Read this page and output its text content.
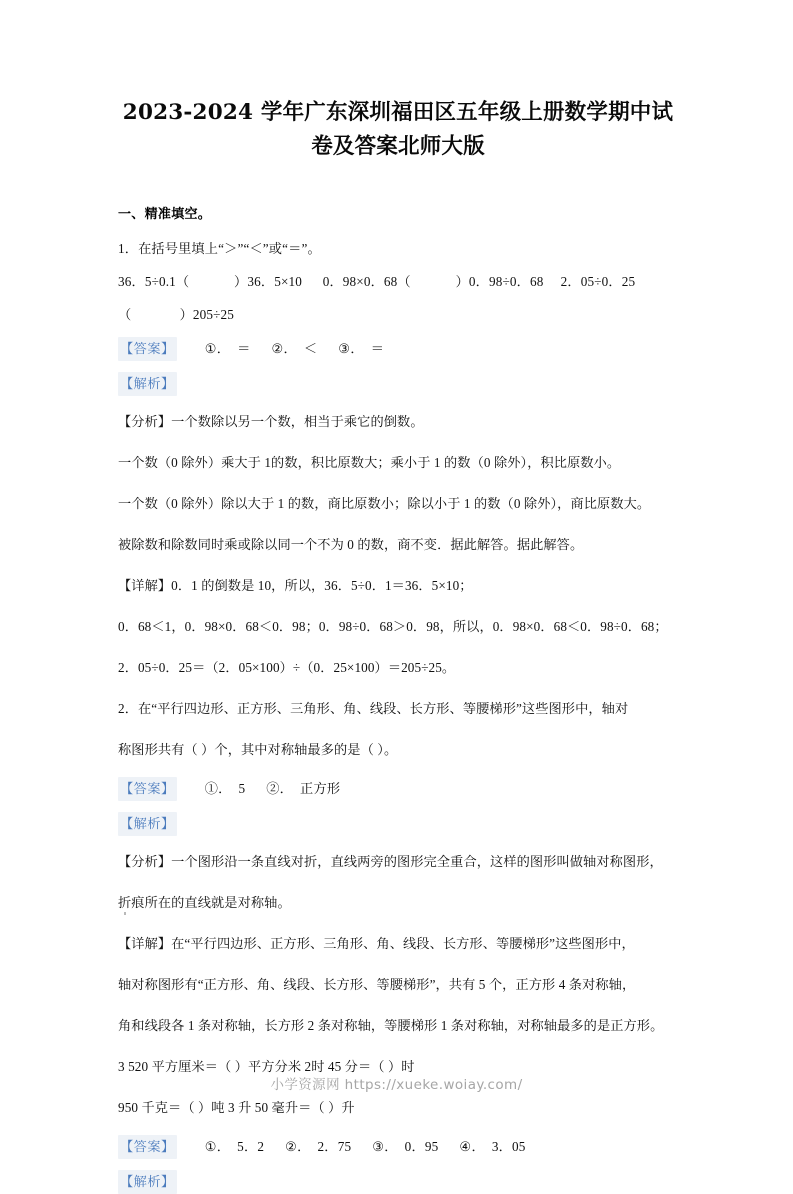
2023-2024 学年广东深圳福田区五年级上册数学期中试卷及答案北师大版
一、精准填空。
1．在括号里填上“＞”“＜”或“＝”。
36．5÷0.1（             ）36．5×10      0．98×0．68（             ）0．98÷0．68     2．05÷0．25
（              ）205÷25
【答案】 ①．  ＝      ②．  ＜      ③．  ＝
【解析】
【分析】一个数除以另一个数，相当于乘它的倒数。
一个数（0 除外）乘大于 1的数，积比原数大；乘小于 1 的数（0 除外），积比原数小。
一个数（0 除外）除以大于 1 的数，商比原数小；除以小于 1 的数（0 除外），商比原数大。
被除数和除数同时乘或除以同一个不为 0 的数，商不变．据此解答。据此解答。
【详解】0．1 的倒数是 10，所以，36．5÷0．1＝36．5×10；
0．68＜1，0．98×0．68＜0．98；0．98÷0．68＞0．98，所以，0．98×0．68＜0．98÷0．68；
2．05÷0．25＝（2．05×100）÷（0．25×100）＝205÷25。
2．在“平行四边形、正方形、三角形、角、线段、长方形、等腰梯形”这些图形中，轴对
称图形共有（ ）个，其中对称轴最多的是（ ）。
【答案】 ①．  5      ②．  正方形
【解析】
【分析】一个图形沿一条直线对折，直线两旁的图形完全重合，这样的图形叫做轴对称图形，
折痕所在的直线就是对称轴。
【详解】在“平行四边形、正方形、三角形、角、线段、长方形、等腰梯形”这些图形中，
轴对称图形有“正方形、角、线段、长方形、等腰梯形”，共有 5 个，正方形 4 条对称轴，
角和线段各 1 条对称轴，长方形 2 条对称轴，等腰梯形 1 条对称轴，对称轴最多的是正方形。
3 520 平方厘米＝（ ）平方分米 2时 45 分＝（ ）时
950 千克＝（ ）吨 3 升 50 毫升＝（ ）升
【答案】 ①．  5．2      ②．  2．75      ③．  0．95      ④．  3．05
【解析】
小学资源网 https://xueke.woiay.com/
